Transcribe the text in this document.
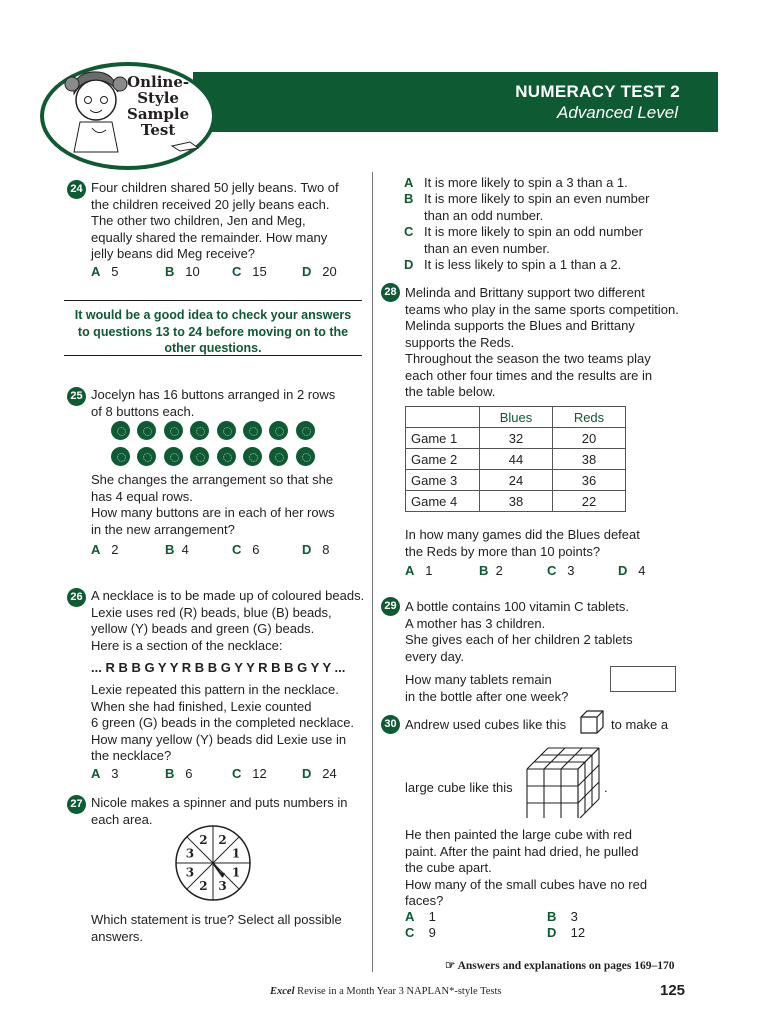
NUMERACY TEST 2
Advanced Level
Online-
Style
Sample
Test
24 Four children shared 50 jelly beans. Two of
the children received 20 jelly beans each.
The other two children, Jen and Meg,
equally shared the remainder. How many
jelly beans did Meg receive?
A 5	B 10	C 15	D 20
It would be a good idea to check your answers
to questions 13 to 24 before moving on to the
other questions.
25 Jocelyn has 16 buttons arranged in 2 rows
of 8 buttons each.
She changes the arrangement so that she
has 4 equal rows.
How many buttons are in each of her rows
in the new arrangement?
A 2	B 4	C 6	D 8
26 A necklace is to be made up of coloured beads.
Lexie uses red (R) beads, blue (B) beads,
yellow (Y) beads and green (G) beads.
Here is a section of the necklace:
... R B B G Y Y R B B G Y Y R B B G Y Y ...
Lexie repeated this pattern in the necklace.
When she had finished, Lexie counted
6 green (G) beads in the completed necklace.
How many yellow (Y) beads did Lexie use in
the necklace?
A 3	B 6	C 12	D 24
27 Nicole makes a spinner and puts numbers in
each area.
2
1
1
3
2
3
3
2
Which statement is true? Select all possible
answers.
A It is more likely to spin a 3 than a 1.
B It is more likely to spin an even number
than an odd number.
C It is more likely to spin an odd number
than an even number.
D It is less likely to spin a 1 than a 2.
28 Melinda and Brittany support two different
teams who play in the same sports competition.
Melinda supports the Blues and Brittany
supports the Reds.
Throughout the season the two teams play
each other four times and the results are in
the table below.
	Blues	Reds
Game 1	32	20
Game 2	44	38
Game 3	24	36
Game 4	38	22
In how many games did the Blues defeat
the Reds by more than 10 points?
A 1	B 2	C 3	D 4
29 A bottle contains 100 vitamin C tablets.
A mother has 3 children.
She gives each of her children 2 tablets
every day.
How many tablets remain
in the bottle after one week?
30 Andrew used cubes like this	to make a
large cube like this	.
He then painted the large cube with red
paint. After the paint had dried, he pulled
the cube apart.
How many of the small cubes have no red
faces?
A 1	B 3
C 9	D 12
☞ Answers and explanations on pages 169–170
Excel Revise in a Month Year 3 NAPLAN*-style Tests	125
